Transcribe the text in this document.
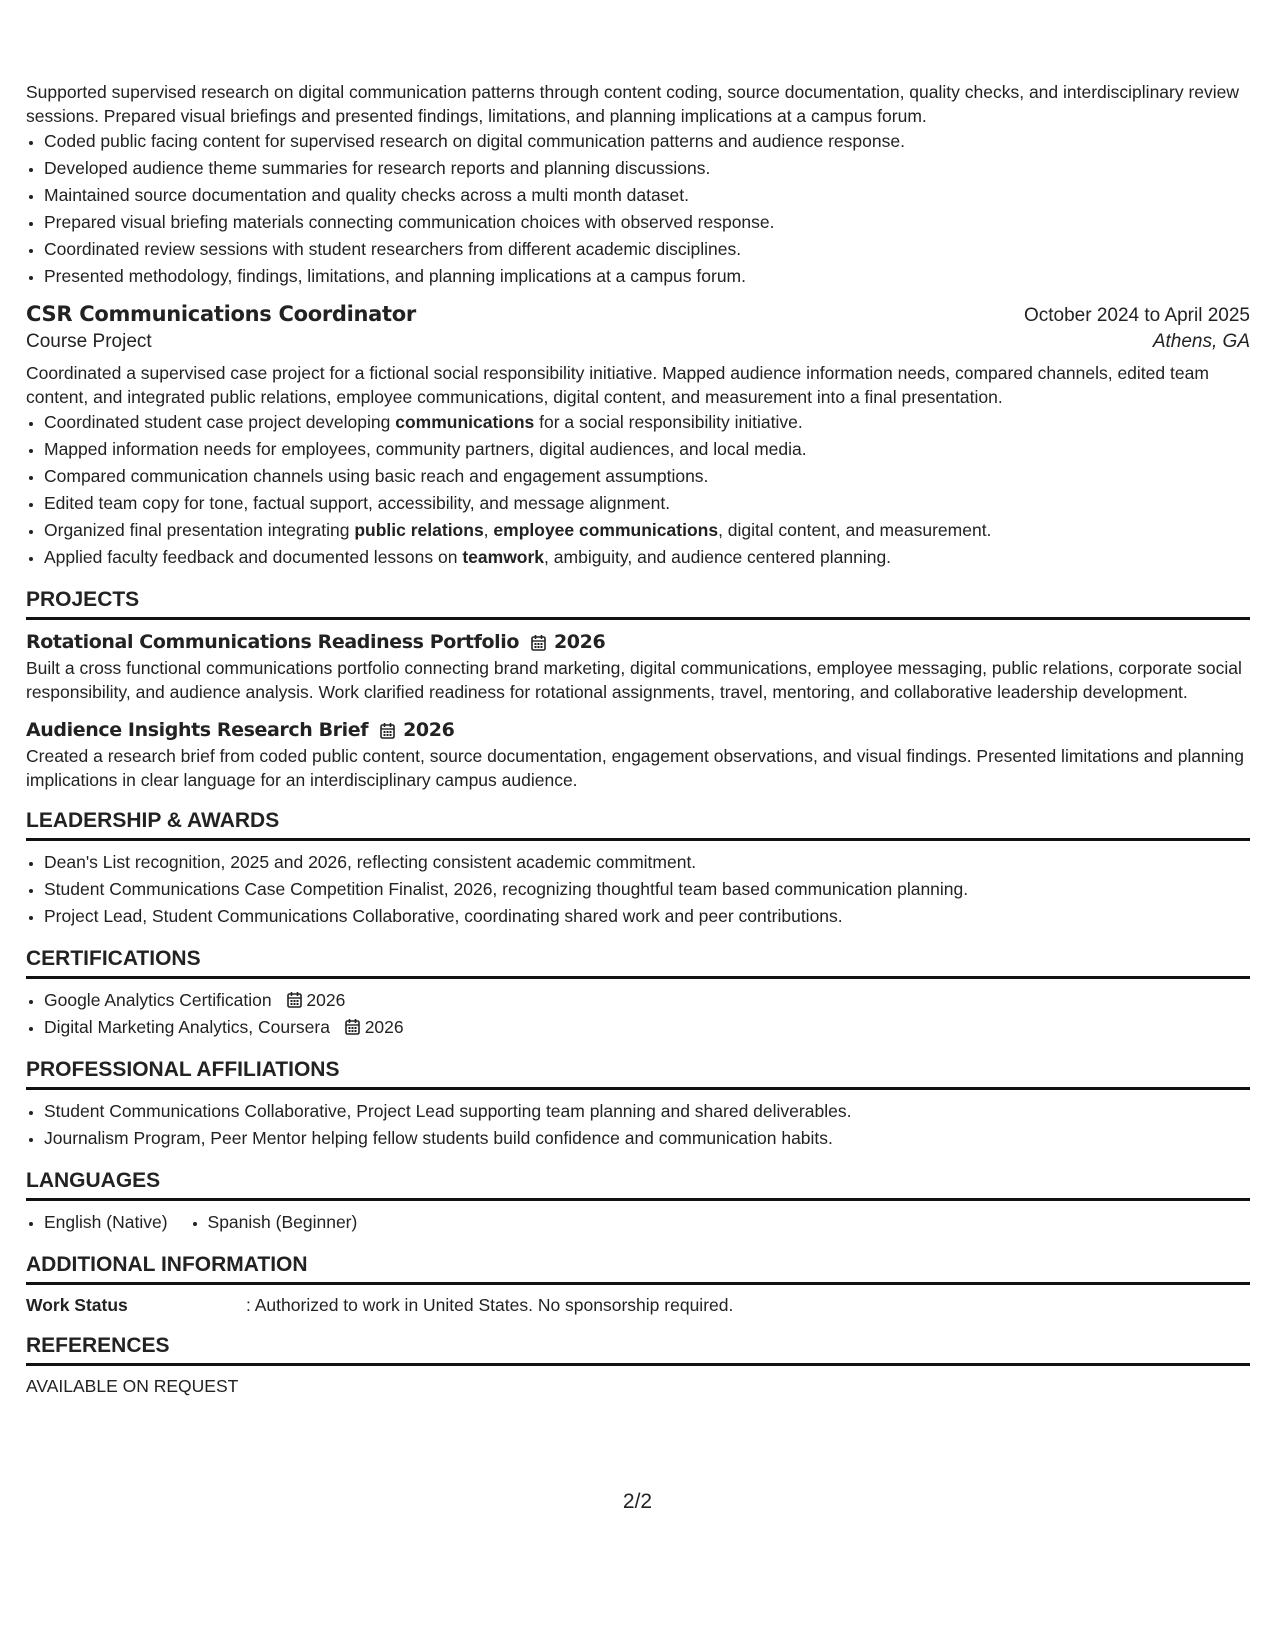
Supported supervised research on digital communication patterns through content coding, source documentation, quality checks, and interdisciplinary review sessions. Prepared visual briefings and presented findings, limitations, and planning implications at a campus forum.

• Coded public facing content for supervised research on digital communication patterns and audience response.
• Developed audience theme summaries for research reports and planning discussions.
• Maintained source documentation and quality checks across a multi month dataset.
• Prepared visual briefing materials connecting communication choices with observed response.
• Coordinated review sessions with student researchers from different academic disciplines.
• Presented methodology, findings, limitations, and planning implications at a campus forum.
CSR Communications Coordinator	October 2024 to April 2025
Course Project	Athens, GA

Coordinated a supervised case project for a fictional social responsibility initiative. Mapped audience information needs, compared channels, edited team content, and integrated public relations, employee communications, digital content, and measurement into a final presentation.

• Coordinated student case project developing communications for a social responsibility initiative.
• Mapped information needs for employees, community partners, digital audiences, and local media.
• Compared communication channels using basic reach and engagement assumptions.
• Edited team copy for tone, factual support, accessibility, and message alignment.
• Organized final presentation integrating public relations, employee communications, digital content, and measurement.
• Applied faculty feedback and documented lessons on teamwork, ambiguity, and audience centered planning.
PROJECTS
Rotational Communications Readiness Portfolio 2026

Built a cross functional communications portfolio connecting brand marketing, digital communications, employee messaging, public relations, corporate social responsibility, and audience analysis. Work clarified readiness for rotational assignments, travel, mentoring, and collaborative leadership development.

Audience Insights Research Brief 2026

Created a research brief from coded public content, source documentation, engagement observations, and visual findings. Presented limitations and planning implications in clear language for an interdisciplinary campus audience.

LEADERSHIP & AWARDS
• Dean's List recognition, 2025 and 2026, reflecting consistent academic commitment.
• Student Communications Case Competition Finalist, 2026, recognizing thoughtful team based communication planning.
• Project Lead, Student Communications Collaborative, coordinating shared work and peer contributions.
CERTIFICATIONS
• Google Analytics Certification 2026
• Digital Marketing Analytics, Coursera 2026
PROFESSIONAL AFFILIATIONS
• Student Communications Collaborative, Project Lead supporting team planning and shared deliverables.
• Journalism Program, Peer Mentor helping fellow students build confidence and communication habits.
LANGUAGES
• English (Native)
• Spanish (Beginner)
ADDITIONAL INFORMATION
Work Status	: Authorized to work in United States. No sponsorship required.
REFERENCES

AVAILABLE ON REQUEST

2/2
